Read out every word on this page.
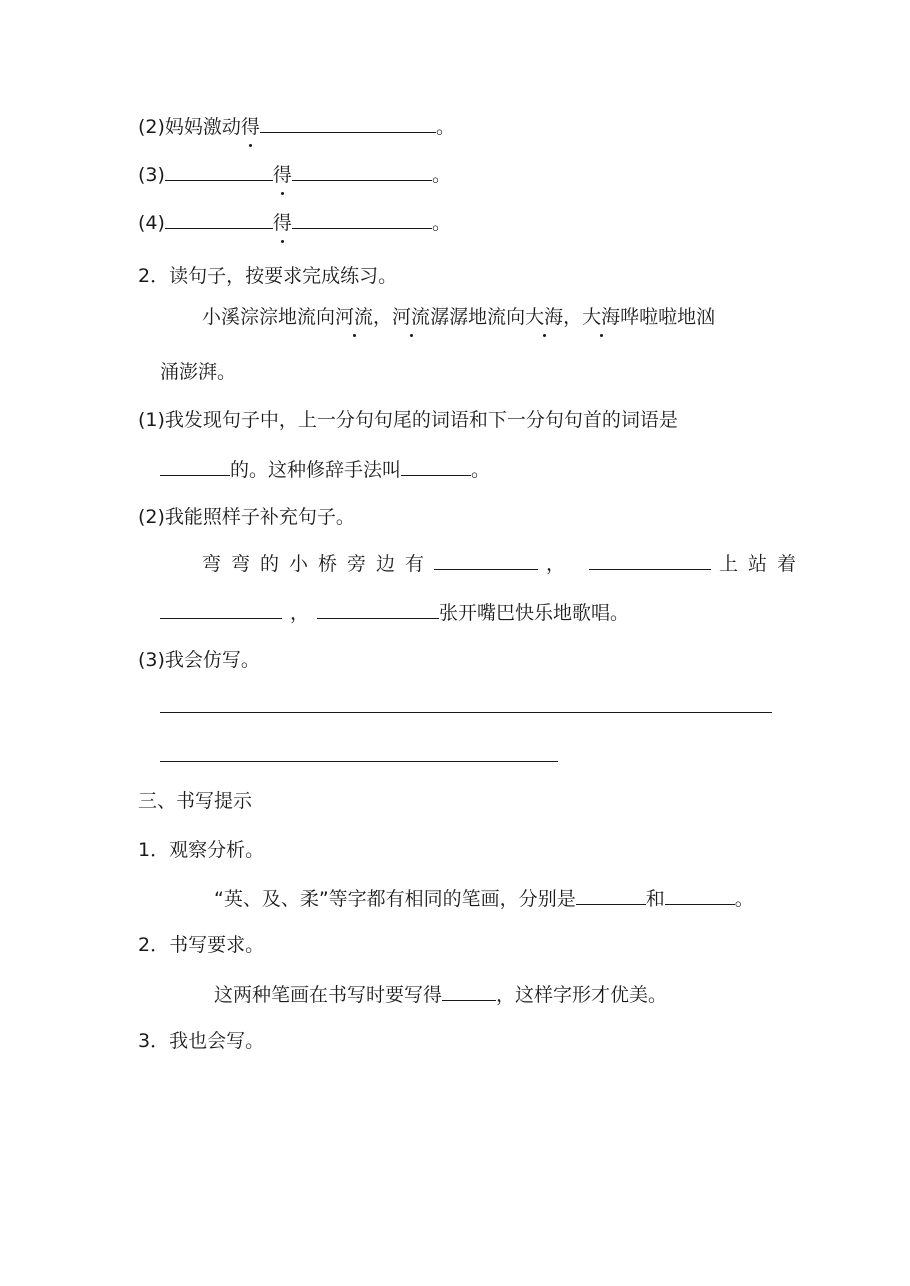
(2)妈妈激动得	。
(3)	得	。
(4)	得	。
2．读句子，按要求完成练习。
小溪淙淙地流向河流，河流潺潺地流向大海，大海哗啦啦地汹
涌澎湃。
(1)我发现句子中，上一分句句尾的词语和下一分句句首的词语是
的。这种修辞手法叫	。
(2)我能照样子补充句子。
弯弯的小桥旁边有	，	上站着
，	张开嘴巴快乐地歌唱。
(3)我会仿写。
三、书写提示
1．观察分析。
“英、及、柔”等字都有相同的笔画，分别是	和	。
2．书写要求。
这两种笔画在书写时要写得	，这样字形才优美。
3．我也会写。
